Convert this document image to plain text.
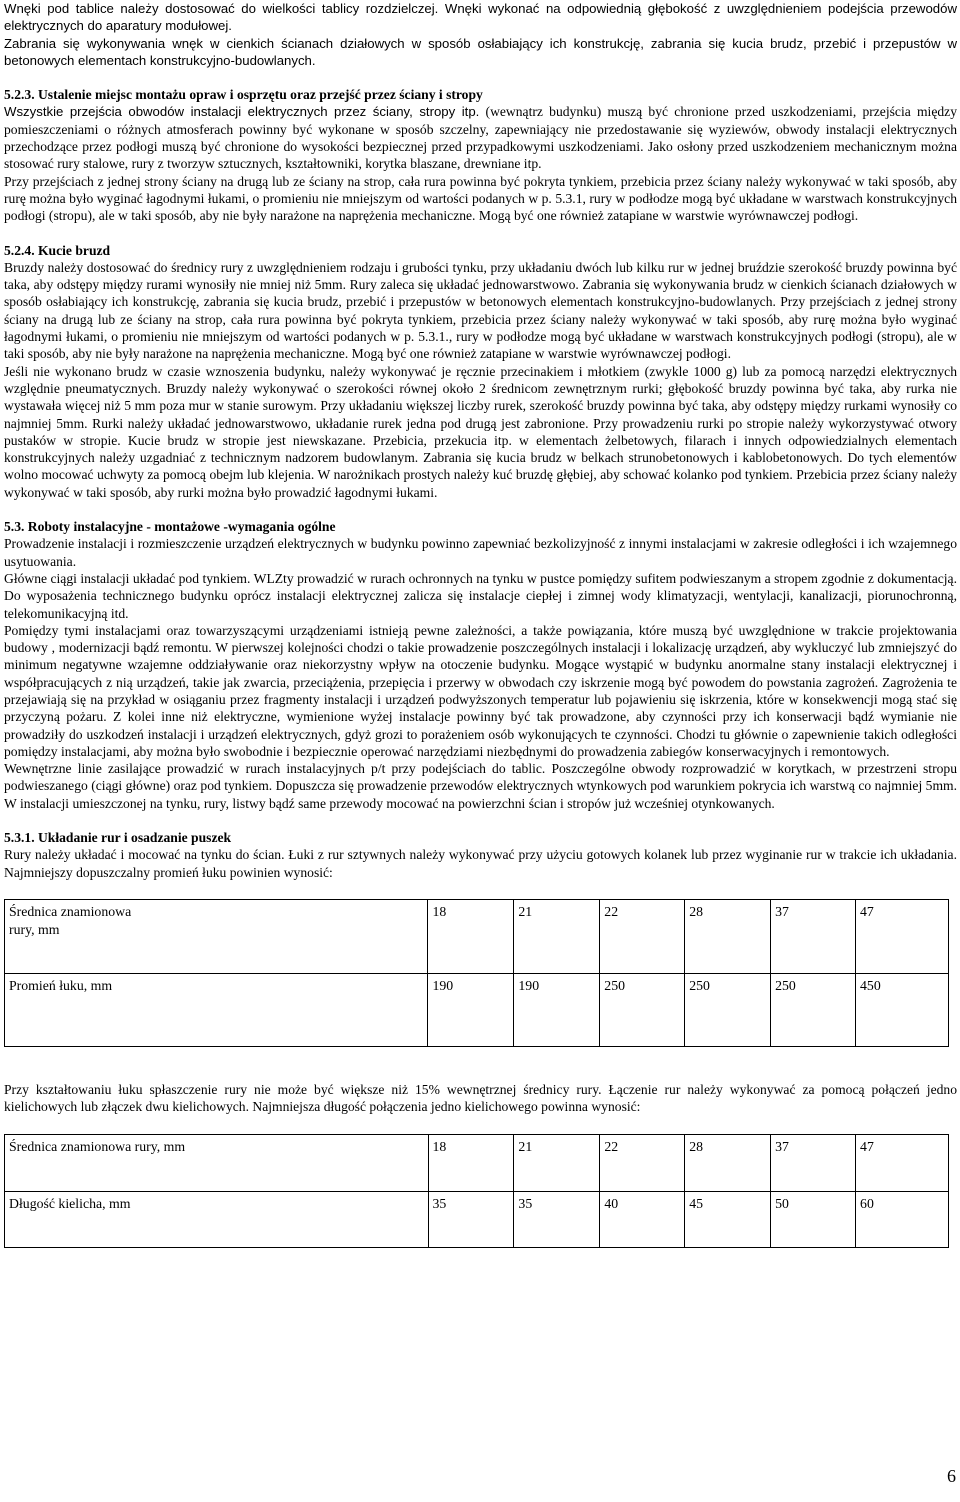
Wnęki pod tablice należy dostosować do wielkości tablicy rozdzielczej. Wnęki wykonać na odpowiednią głębokość z uwzględnieniem podejścia przewodów elektrycznych do aparatury modułowej.

Zabrania się wykonywania wnęk w cienkich ścianach działowych w sposób osłabiający ich konstrukcję, zabrania się kucia brudz, przebić i przepustów w betonowych elementach konstrukcyjno-budowlanych.

5.2.3. Ustalenie miejsc montażu opraw i osprzętu oraz przejść przez ściany i stropy

Wszystkie przejścia obwodów instalacji elektrycznych przez ściany, stropy itp. (wewnątrz budynku) muszą być chronione przed uszkodzeniami, przejścia między pomieszczeniami o różnych atmosferach powinny być wykonane w sposób szczelny, zapewniający nie przedostawanie się wyziewów, obwody instalacji elektrycznych przechodzące przez podłogi muszą być chronione do wysokości bezpiecznej przed przypadkowymi uszkodzeniami. Jako osłony przed uszkodzeniem mechanicznym można stosować rury stalowe, rury z tworzyw sztucznych, kształtowniki, korytka blaszane, drewniane itp.

Przy przejściach z jednej strony ściany na drugą lub ze ściany na strop, cała rura powinna być pokryta tynkiem, przebicia przez ściany należy wykonywać w taki sposób, aby rurę można było wyginać łagodnymi łukami, o promieniu nie mniejszym od wartości podanych w p. 5.3.1, rury w podłodze mogą być układane w warstwach konstrukcyjnych podłogi (stropu), ale w taki sposób, aby nie były narażone na naprężenia mechaniczne. Mogą być one również zatapiane w warstwie wyrównawczej podłogi.

5.2.4. Kucie bruzd

Bruzdy należy dostosować do średnicy rury z uwzględnieniem rodzaju i grubości tynku, przy układaniu dwóch lub kilku rur w jednej bruździe szerokość bruzdy powinna być taka, aby odstępy między rurami wynosiły nie mniej niż 5mm. Rury zaleca się układać jednowarstwowo. Zabrania się wykonywania brudz w cienkich ścianach działowych w sposób osłabiający ich konstrukcję, zabrania się kucia brudz, przebić i przepustów w betonowych elementach konstrukcyjno-budowlanych. Przy przejściach z jednej strony ściany na drugą lub ze ściany na strop, cała rura powinna być pokryta tynkiem, przebicia przez ściany należy wykonywać w taki sposób, aby rurę można było wyginać łagodnymi łukami, o promieniu nie mniejszym od wartości podanych w p. 5.3.1., rury w podłodze mogą być układane w warstwach konstrukcyjnych podłogi (stropu), ale w taki sposób, aby nie były narażone na naprężenia mechaniczne. Mogą być one również zatapiane w warstwie wyrównawczej podłogi.

Jeśli nie wykonano brudz w czasie wznoszenia budynku, należy wykonywać je ręcznie przecinakiem i młotkiem (zwykle 1000 g) lub za pomocą narzędzi elektrycznych względnie pneumatycznych. Bruzdy należy wykonywać o szerokości równej około 2 średnicom zewnętrznym rurki; głębokość bruzdy powinna być taka, aby rurka nie wystawała więcej niż 5 mm poza mur w stanie surowym. Przy układaniu większej liczby rurek, szerokość bruzdy powinna być taka, aby odstępy między rurkami wynosiły co najmniej 5mm. Rurki należy układać jednowarstwowo, układanie rurek jedna pod drugą jest zabronione. Przy prowadzeniu rurki po stropie należy wykorzystywać otwory pustaków w stropie. Kucie brudz w stropie jest niewskazane. Przebicia, przekucia itp. w elementach żelbetowych, filarach i innych odpowiedzialnych elementach konstrukcyjnych należy uzgadniać z technicznym nadzorem budowlanym. Zabrania się kucia brudz w belkach strunobetonowych i kablobetonowych. Do tych elementów wolno mocować uchwyty za pomocą obejm lub klejenia. W narożnikach prostych należy kuć bruzdę głębiej, aby schować kolanko pod tynkiem. Przebicia przez ściany należy wykonywać w taki sposób, aby rurki można było prowadzić łagodnymi łukami.

5.3. Roboty instalacyjne - montażowe -wymagania ogólne

Prowadzenie instalacji i rozmieszczenie urządzeń elektrycznych w budynku powinno zapewniać bezkolizyjność z innymi instalacjami w zakresie odległości i ich wzajemnego usytuowania.

Główne ciągi instalacji układać pod tynkiem. WLZty prowadzić w rurach ochronnych na tynku w pustce pomiędzy sufitem podwieszanym a stropem zgodnie z dokumentacją. Do wyposażenia technicznego budynku oprócz instalacji elektrycznej zalicza się instalacje ciepłej i zimnej wody klimatyzacji, wentylacji, kanalizacji, piorunochronną, telekomunikacyjną itd.

Pomiędzy tymi instalacjami oraz towarzyszącymi urządzeniami istnieją pewne zależności, a także powiązania, które muszą być uwzględnione w trakcie projektowania budowy , modernizacji bądź remontu. W pierwszej kolejności chodzi o takie prowadzenie poszczególnych instalacji i lokalizację urządzeń, aby wykluczyć lub zmniejszyć do minimum negatywne wzajemne oddziaływanie oraz niekorzystny wpływ na otoczenie budynku. Mogące wystąpić w budynku anormalne stany instalacji elektrycznej i współpracujących z nią urządzeń, takie jak zwarcia, przeciążenia, przepięcia i przerwy w obwodach czy iskrzenie mogą być powodem do powstania zagrożeń. Zagrożenia te przejawiają się na przykład w osiąganiu przez fragmenty instalacji i urządzeń podwyższonych temperatur lub pojawieniu się iskrzenia, które w konsekwencji mogą stać się przyczyną pożaru. Z kolei inne niż elektryczne, wymienione wyżej instalacje powinny być tak prowadzone, aby czynności przy ich konserwacji bądź wymianie nie prowadziły do uszkodzeń instalacji i urządzeń elektrycznych, gdyż grozi to porażeniem osób wykonujących te czynności. Chodzi tu głównie o zapewnienie takich odległości pomiędzy instalacjami, aby można było swobodnie i bezpiecznie operować narzędziami niezbędnymi do prowadzenia zabiegów konserwacyjnych i remontowych.

Wewnętrzne linie zasilające prowadzić w rurach instalacyjnych p/t przy podejściach do tablic. Poszczególne obwody rozprowadzić w korytkach, w przestrzeni stropu podwieszanego (ciągi główne) oraz pod tynkiem. Dopuszcza się prowadzenie przewodów elektrycznych wtynkowych pod warunkiem pokrycia ich warstwą co najmniej 5mm. W instalacji umieszczonej na tynku, rury, listwy bądź same przewody mocować na powierzchni ścian i stropów już wcześniej otynkowanych.

5.3.1. Układanie rur i osadzanie puszek

Rury należy układać i mocować na tynku do ścian. Łuki z rur sztywnych należy wykonywać przy użyciu gotowych kolanek lub przez wyginanie rur w trakcie ich układania. Najmniejszy dopuszczalny promień łuku powinien wynosić:

Średnica znamionowa
rury, mm	18	21	22	28	37	47
Promień łuku, mm	190	190	250	250	250	450

Przy kształtowaniu łuku spłaszczenie rury nie może być większe niż 15% wewnętrznej średnicy rury. Łączenie rur należy wykonywać za pomocą połączeń jedno kielichowych lub złączek dwu kielichowych. Najmniejsza długość połączenia jedno kielichowego powinna wynosić:

Średnica znamionowa rury, mm	18	21	22	28	37	47
Długość kielicha, mm	35	35	40	45	50	60
6
